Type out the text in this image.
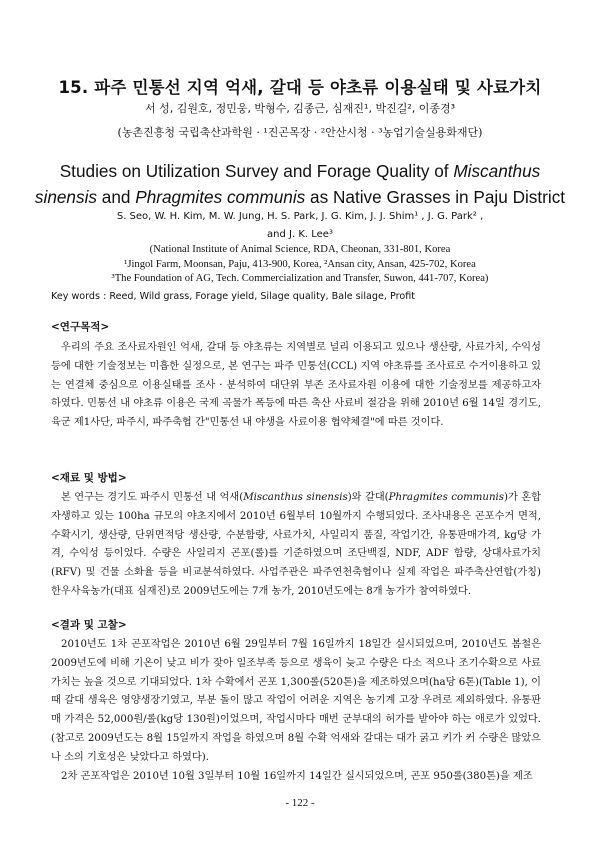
15. 파주 민통선 지역 억새, 갈대 등 야초류 이용실태 및 사료가치
서 성, 김원호, 정민웅, 박형수, 김종근, 심재진¹, 박진길², 이종경³
(농촌진흥청 국립축산과학원 · ¹진곤목장 · ²안산시청 · ³농업기술실용화재단)
Studies on Utilization Survey and Forage Quality of Miscanthus
sinensis and Phragmites communis as Native Grasses in Paju District
S. Seo, W. H. Kim, M. W. Jung, H. S. Park, J. G. Kim, J. J. Shim¹ , J. G. Park² ,
and J. K. Lee³
(National Institute of Animal Science, RDA, Cheonan, 331-801, Korea
¹Jingol Farm, Moonsan, Paju, 413-900, Korea, ²Ansan city, Ansan, 425-702, Korea
³The Foundation of AG, Tech. Commercialization and Transfer, Suwon, 441-707, Korea)
Key words : Reed, Wild grass, Forage yield, Silage quality, Bale silage, Profit
<연구목적>

우리의 주요 조사료자원인 억새, 갈대 등 야초류는 지역별로 널리 이용되고 있으나 생산량, 사료가치, 수익성 등에 대한 기술정보는 미흡한 실정으로, 본 연구는 파주 민통선(CCL) 지역 야초류를 조사료로 수거이용하고 있는 연결체 중심으로 이용실태를 조사 · 분석하여 대단위 부존 조사료자원 이용에 대한 기술정보를 제공하고자 하였다. 민통선 내 야초류 이용은 국제 곡물가 폭등에 따른 축산 사료비 절감을 위해 2010년 6월 14일 경기도, 육군 제1사단, 파주시, 파주축협 간"민통선 내 야생을 사료이용 협약체결"에 따른 것이다.

<재료 및 방법>

본 연구는 경기도 파주시 민통선 내 억새(Miscanthus sinensis)와 갈대(Phragmites communis)가 혼합 자생하고 있는 100ha 규모의 야초지에서 2010년 6월부터 10월까지 수행되었다. 조사내용은 곤포수거 면적, 수확시기, 생산량, 단위면적당 생산량, 수분함량, 사료가치, 사일리지 품질, 작업기간, 유통판매가격, kg당 가격, 수익성 등이었다. 수량은 사일리지 곤포(롤)를 기준하였으며 조단백질, NDF, ADF 함량, 상대사료가치(RFV) 및 건물 소화율 등을 비교분석하였다. 사업주관은 파주연천축협이나 실제 작업은 파주축산연합(가칭) 한우사육농가(대표 심재진)로 2009년도에는 7개 농가, 2010년도에는 8개 농가가 참여하였다.

<결과 및 고찰>

2010년도 1차 곤포작업은 2010년 6월 29일부터 7월 16일까지 18일간 실시되었으며, 2010년도 봄철은 2009년도에 비해 기온이 낮고 비가 잦아 일조부족 등으로 생육이 늦고 수량은 다소 적으나 조기수확으로 사료가치는 높을 것으로 기대되었다. 1차 수확에서 곤포 1,300롤(520톤)을 제조하였으며(ha당 6톤)(Table 1), 이때 갈대 생육은 영양생장기였고, 부분 돌이 많고 작업이 어려운 지역은 농기계 고장 우려로 제외하였다. 유통판매 가격은 52,000원/롤(kg당 130원)이었으며, 작업시마다 매번 군부대의 허가를 받아야 하는 애로가 있었다. (참고로 2009년도는 8월 15일까지 작업을 하였으며 8월 수확 억새와 갈대는 대가 굵고 키가 커 수량은 많았으나 소의 기호성은 낮았다고 하였다).

2차 곤포작업은 2010년 10월 3일부터 10월 16일까지 14일간 실시되었으며, 곤포 950롤(380톤)을 제조

- 122 -
